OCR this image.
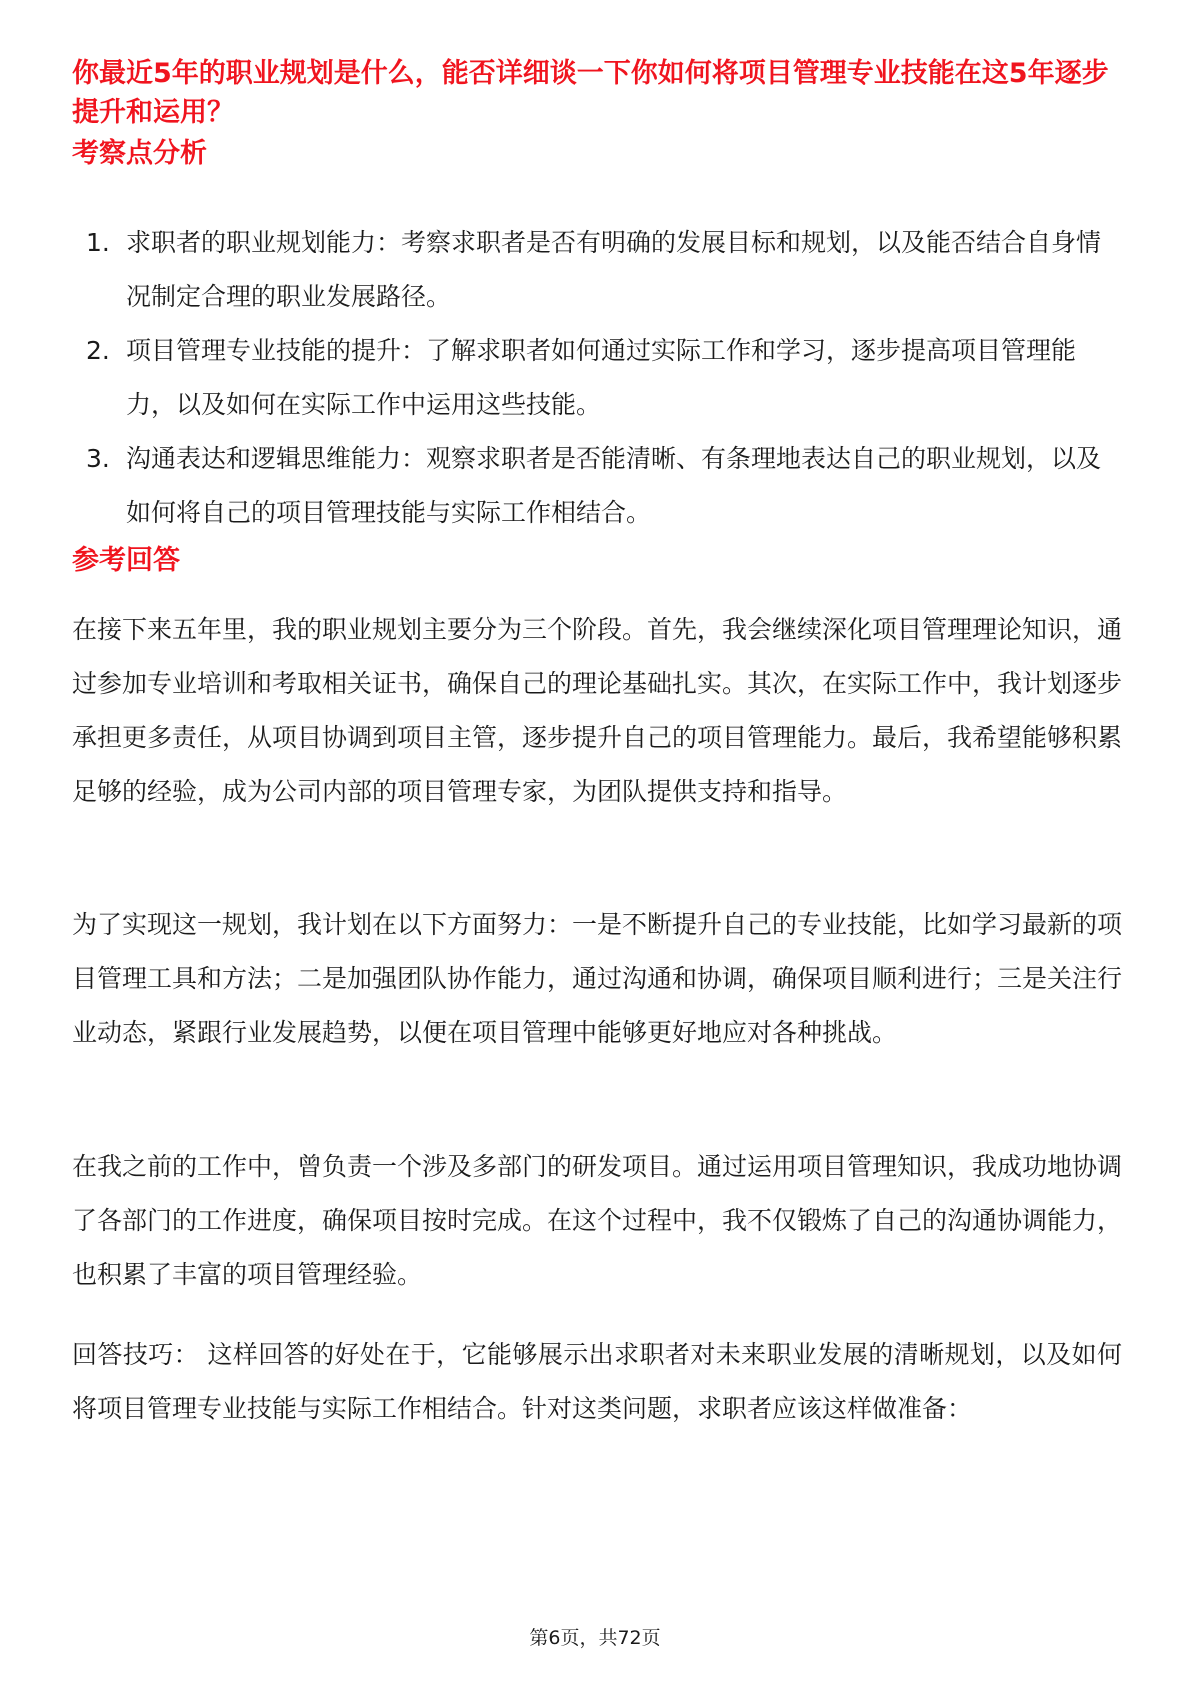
你最近5年的职业规划是什么，能否详细谈一下你如何将项目管理专业技能在这5年逐步提升和运用？

考察点分析

1. 求职者的职业规划能力：考察求职者是否有明确的发展目标和规划，以及能否结合自身情况制定合理的职业发展路径。
2. 项目管理专业技能的提升：了解求职者如何通过实际工作和学习，逐步提高项目管理能力，以及如何在实际工作中运用这些技能。
3. 沟通表达和逻辑思维能力：观察求职者是否能清晰、有条理地表达自己的职业规划，以及如何将自己的项目管理技能与实际工作相结合。

参考回答

在接下来五年里，我的职业规划主要分为三个阶段。首先，我会继续深化项目管理理论知识，通过参加专业培训和考取相关证书，确保自己的理论基础扎实。其次，在实际工作中，我计划逐步承担更多责任，从项目协调到项目主管，逐步提升自己的项目管理能力。最后，我希望能够积累足够的经验，成为公司内部的项目管理专家，为团队提供支持和指导。

为了实现这一规划，我计划在以下方面努力：一是不断提升自己的专业技能，比如学习最新的项目管理工具和方法；二是加强团队协作能力，通过沟通和协调，确保项目顺利进行；三是关注行业动态，紧跟行业发展趋势，以便在项目管理中能够更好地应对各种挑战。

在我之前的工作中，曾负责一个涉及多部门的研发项目。通过运用项目管理知识，我成功地协调了各部门的工作进度，确保项目按时完成。在这个过程中，我不仅锻炼了自己的沟通协调能力，也积累了丰富的项目管理经验。

回答技巧： 这样回答的好处在于，它能够展示出求职者对未来职业发展的清晰规划，以及如何将项目管理专业技能与实际工作相结合。针对这类问题，求职者应该这样做准备：

第6页，共72页
